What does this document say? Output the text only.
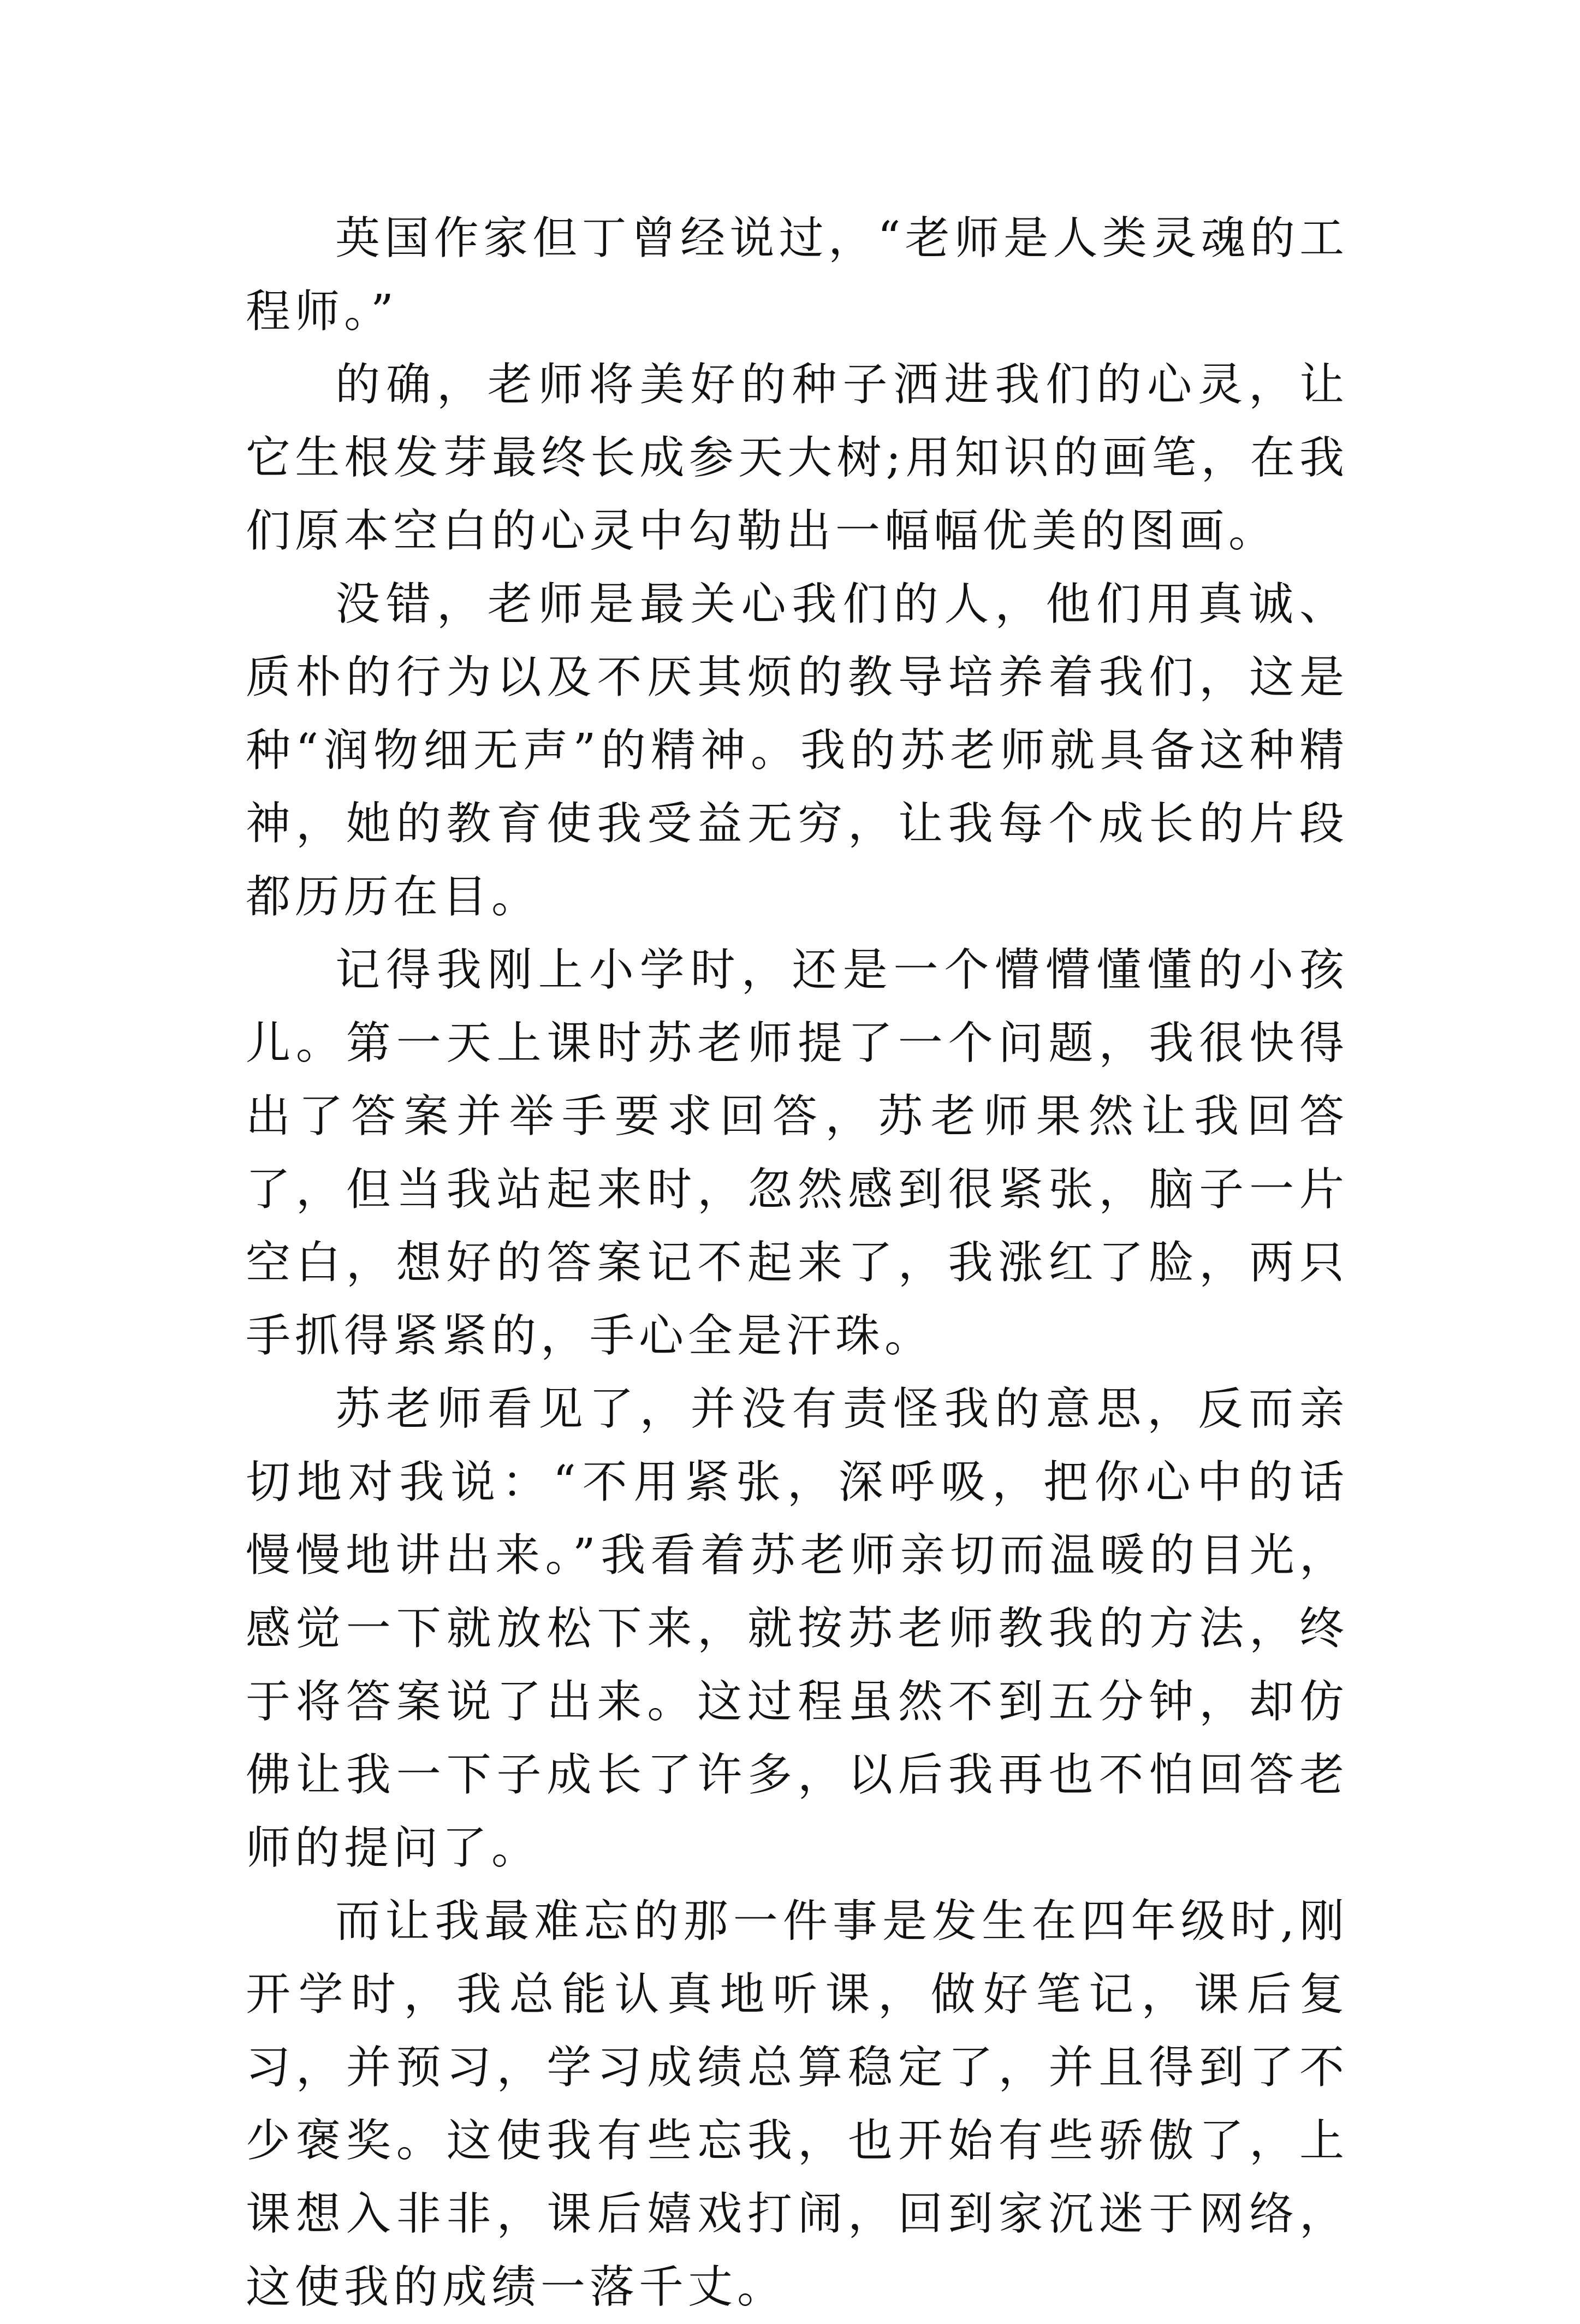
英国作家但丁曾经说过，“老师是人类灵魂的工程师。”

的确，老师将美好的种子洒进我们的心灵，让它生根发芽最终长成参天大树;用知识的画笔，在我们原本空白的心灵中勾勒出一幅幅优美的图画。

没错，老师是最关心我们的人，他们用真诚、质朴的行为以及不厌其烦的教导培养着我们，这是种“润物细无声”的精神。我的苏老师就具备这种精神，她的教育使我受益无穷，让我每个成长的片段都历历在目。

记得我刚上小学时，还是一个懵懵懂懂的小孩儿。第一天上课时苏老师提了一个问题，我很快得出了答案并举手要求回答，苏老师果然让我回答了，但当我站起来时，忽然感到很紧张，脑子一片空白，想好的答案记不起来了，我涨红了脸，两只手抓得紧紧的，手心全是汗珠。

苏老师看见了，并没有责怪我的意思，反而亲切地对我说：“不用紧张，深呼吸，把你心中的话慢慢地讲出来。”我看着苏老师亲切而温暖的目光，感觉一下就放松下来，就按苏老师教我的方法，终于将答案说了出来。这过程虽然不到五分钟，却仿佛让我一下子成长了许多，以后我再也不怕回答老师的提问了。

而让我最难忘的那一件事是发生在四年级时,刚开学时，我总能认真地听课，做好笔记，课后复习，并预习，学习成绩总算稳定了，并且得到了不少褒奖。这使我有些忘我，也开始有些骄傲了，上课想入非非，课后嬉戏打闹，回到家沉迷于网络，这使我的成绩一落千丈。
